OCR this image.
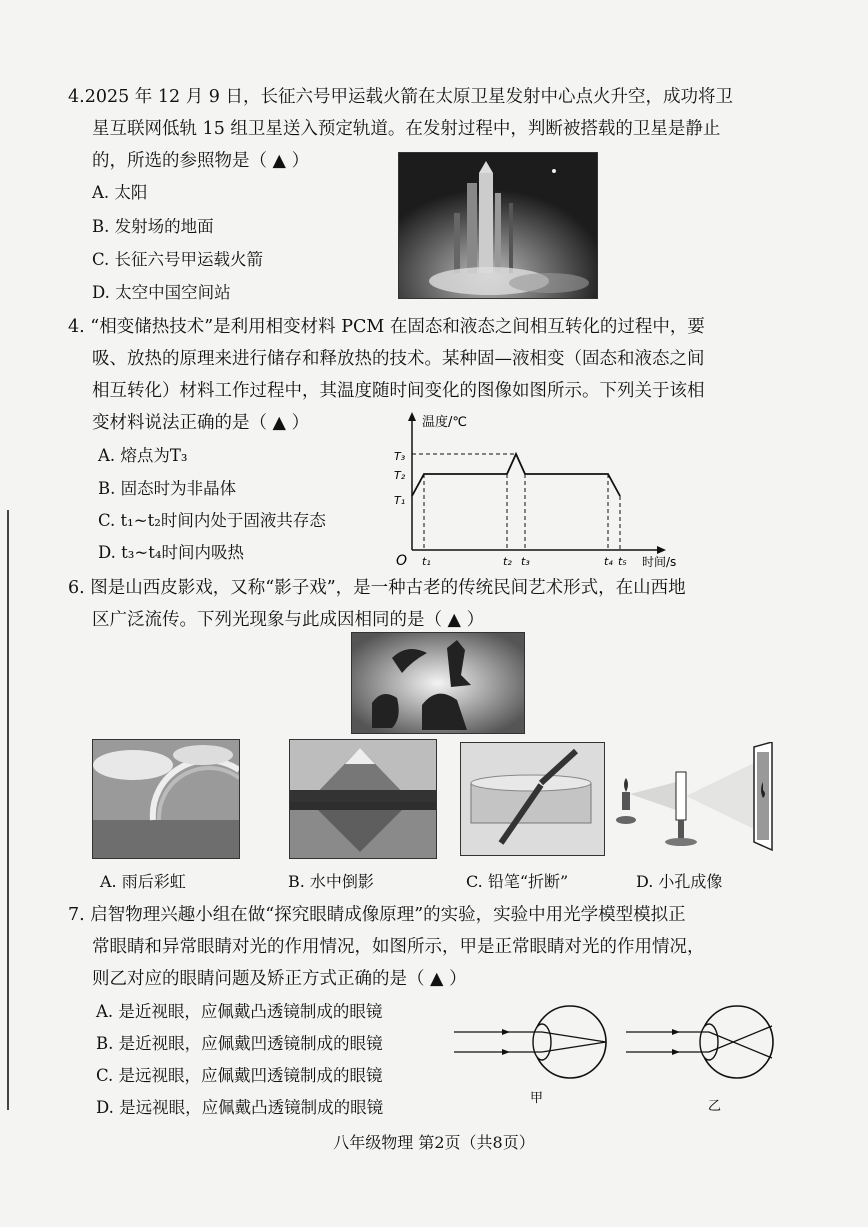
4.2025 年 12 月 9 日，长征六号甲运载火箭在太原卫星发射中心点火升空，成功将卫
星互联网低轨 15 组卫星送入预定轨道。在发射过程中，判断被搭载的卫星是静止
的，所选的参照物是（ ▲ ）
A. 太阳
B. 发射场的地面
C. 长征六号甲运载火箭
D. 太空中国空间站
4. “相变储热技术”是利用相变材料 PCM 在固态和液态之间相互转化的过程中，要
吸、放热的原理来进行储存和释放热的技术。某种固—液相变（固态和液态之间
相互转化）材料工作过程中，其温度随时间变化的图像如图所示。下列关于该相
变材料说法正确的是（ ▲ ）
A. 熔点为T₃
B. 固态时为非晶体
C. t₁~t₂时间内处于固液共存态
D. t₃~t₄时间内吸热
温度/℃
时间/s
O
T₃
T₂
T₁
t₁	t₂ t₃	t₄ t₅
6. 图是山西皮影戏，又称“影子戏”，是一种古老的传统民间艺术形式，在山西地
区广泛流传。下列光现象与此成因相同的是（ ▲ ）
A. 雨后彩虹	B. 水中倒影	C. 铅笔“折断”	D. 小孔成像
7. 启智物理兴趣小组在做“探究眼睛成像原理”的实验，实验中用光学模型模拟正
常眼睛和异常眼睛对光的作用情况，如图所示，甲是正常眼睛对光的作用情况，
则乙对应的眼睛问题及矫正方式正确的是（ ▲ ）
A. 是近视眼，应佩戴凸透镜制成的眼镜
B. 是近视眼，应佩戴凹透镜制成的眼镜
C. 是远视眼，应佩戴凹透镜制成的眼镜
D. 是远视眼，应佩戴凸透镜制成的眼镜	甲
乙
八年级物理 第2页（共8页）
